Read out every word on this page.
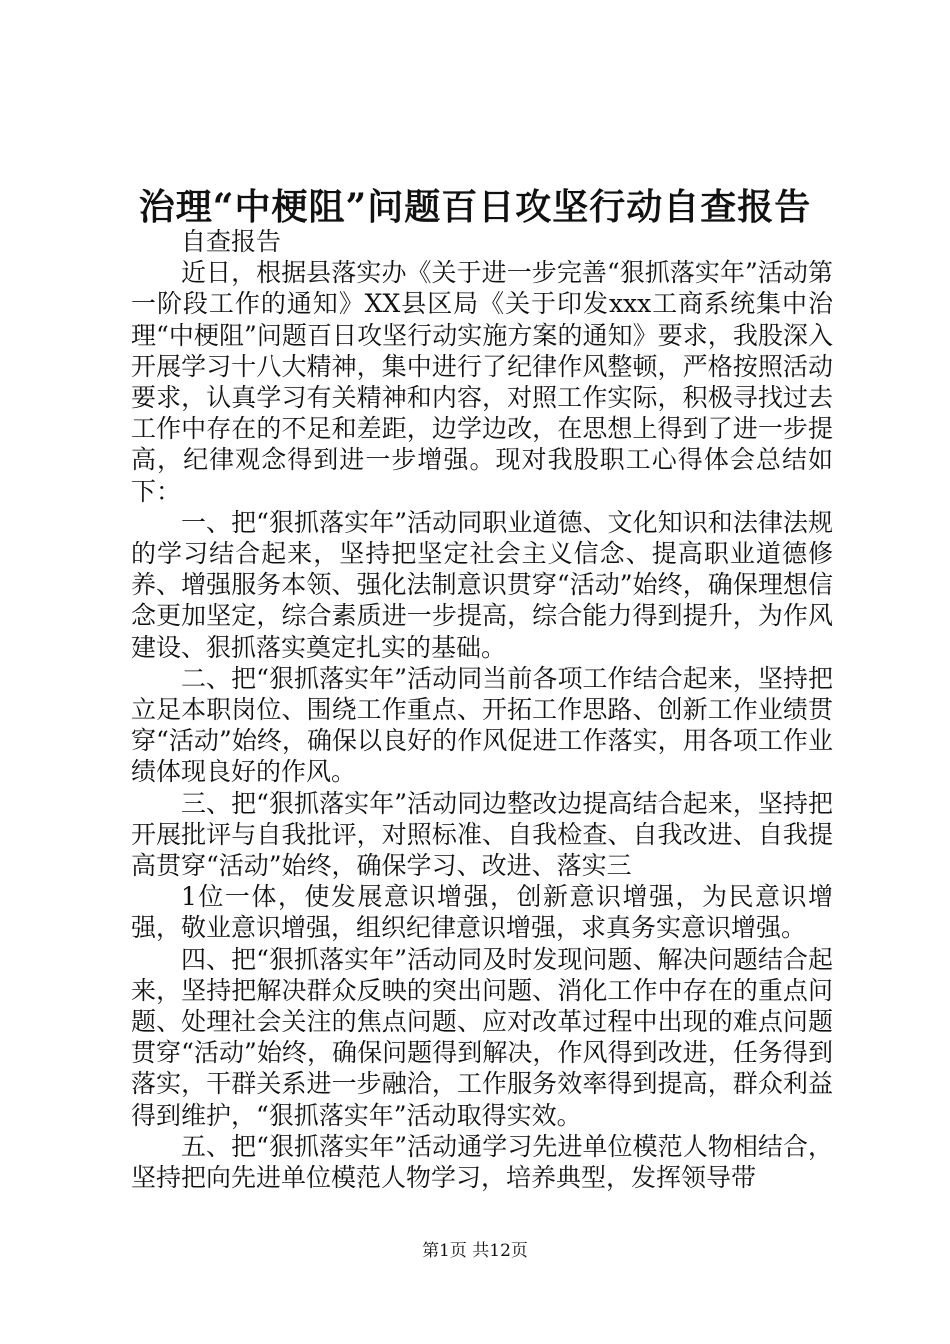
治理“中梗阻”问题百日攻坚行动自查报告

自查报告

近日，根据县落实办《关于进一步完善“狠抓落实年”活动第一阶段工作的通知》XX县区局《关于印发xxx工商系统集中治理“中梗阻”问题百日攻坚行动实施方案的通知》要求，我股深入开展学习十八大精神，集中进行了纪律作风整顿，严格按照活动要求，认真学习有关精神和内容，对照工作实际，积极寻找过去工作中存在的不足和差距，边学边改，在思想上得到了进一步提高，纪律观念得到进一步增强。现对我股职工心得体会总结如下：

一、把“狠抓落实年”活动同职业道德、文化知识和法律法规的学习结合起来，坚持把坚定社会主义信念、提高职业道德修养、增强服务本领、强化法制意识贯穿“活动”始终，确保理想信念更加坚定，综合素质进一步提高，综合能力得到提升，为作风建设、狠抓落实奠定扎实的基础。

二、把“狠抓落实年”活动同当前各项工作结合起来，坚持把立足本职岗位、围绕工作重点、开拓工作思路、创新工作业绩贯穿“活动”始终，确保以良好的作风促进工作落实，用各项工作业绩体现良好的作风。

三、把“狠抓落实年”活动同边整改边提高结合起来，坚持把开展批评与自我批评，对照标准、自我检查、自我改进、自我提高贯穿“活动”始终，确保学习、改进、落实三

1位一体，使发展意识增强，创新意识增强，为民意识增强，敬业意识增强，组织纪律意识增强，求真务实意识增强。

四、把“狠抓落实年”活动同及时发现问题、解决问题结合起来，坚持把解决群众反映的突出问题、消化工作中存在的重点问题、处理社会关注的焦点问题、应对改革过程中出现的难点问题贯穿“活动”始终，确保问题得到解决，作风得到改进，任务得到落实，干群关系进一步融洽，工作服务效率得到提高，群众利益得到维护，“狠抓落实年”活动取得实效。

五、把“狠抓落实年”活动通学习先进单位模范人物相结合，坚持把向先进单位模范人物学习，培养典型，发挥领导带

第1页 共12页
